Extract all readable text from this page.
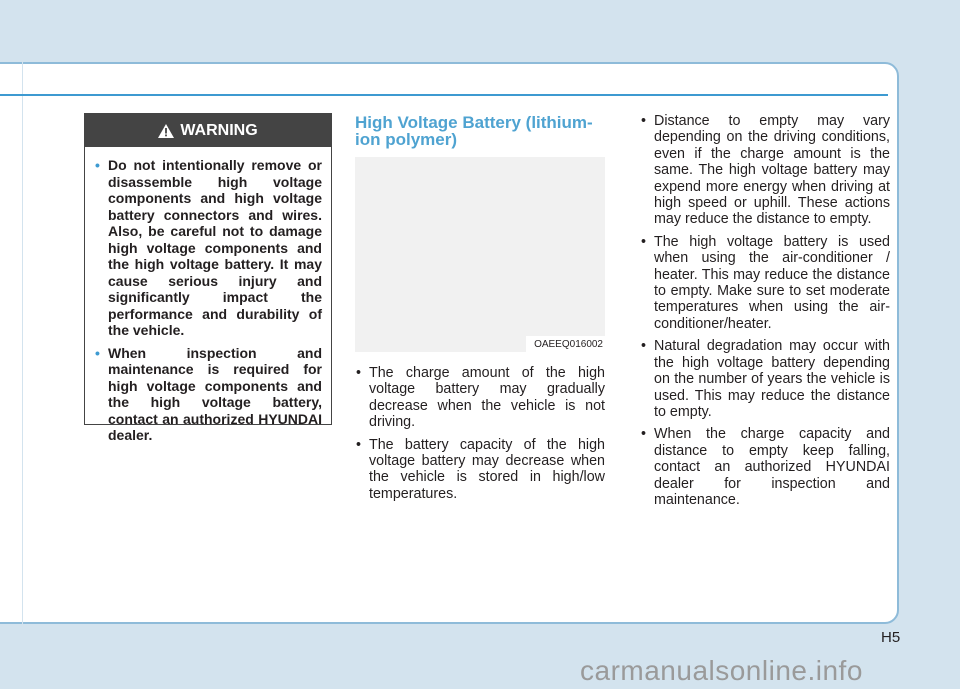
WARNING
• Do not intentionally remove or disassemble high voltage components and high voltage battery connectors and wires. Also, be careful not to damage high voltage components and the high voltage battery. It may cause serious injury and significantly impact the performance and durability of the vehicle.
• When inspection and maintenance is required for high voltage components and the high voltage battery, contact an authorized HYUNDAI dealer.
High Voltage Battery (lithium-ion polymer)
OAEEQ016002
• The charge amount of the high voltage battery may gradually decrease when the vehicle is not driving.
• The battery capacity of the high voltage battery may decrease when the vehicle is stored in high/low temperatures.
• Distance to empty may vary depending on the driving conditions, even if the charge amount is the same. The high voltage battery may expend more energy when driving at high speed or uphill. These actions may reduce the distance to empty.
• The high voltage battery is used when using the air-conditioner / heater. This may reduce the distance to empty. Make sure to set moderate temperatures when using the air-conditioner/heater.
• Natural degradation may occur with the high voltage battery depending on the number of years the vehicle is used. This may reduce the distance to empty.
• When the charge capacity and distance to empty keep falling, contact an authorized HYUNDAI dealer for inspection and maintenance.
H5
carmanualsonline.info
